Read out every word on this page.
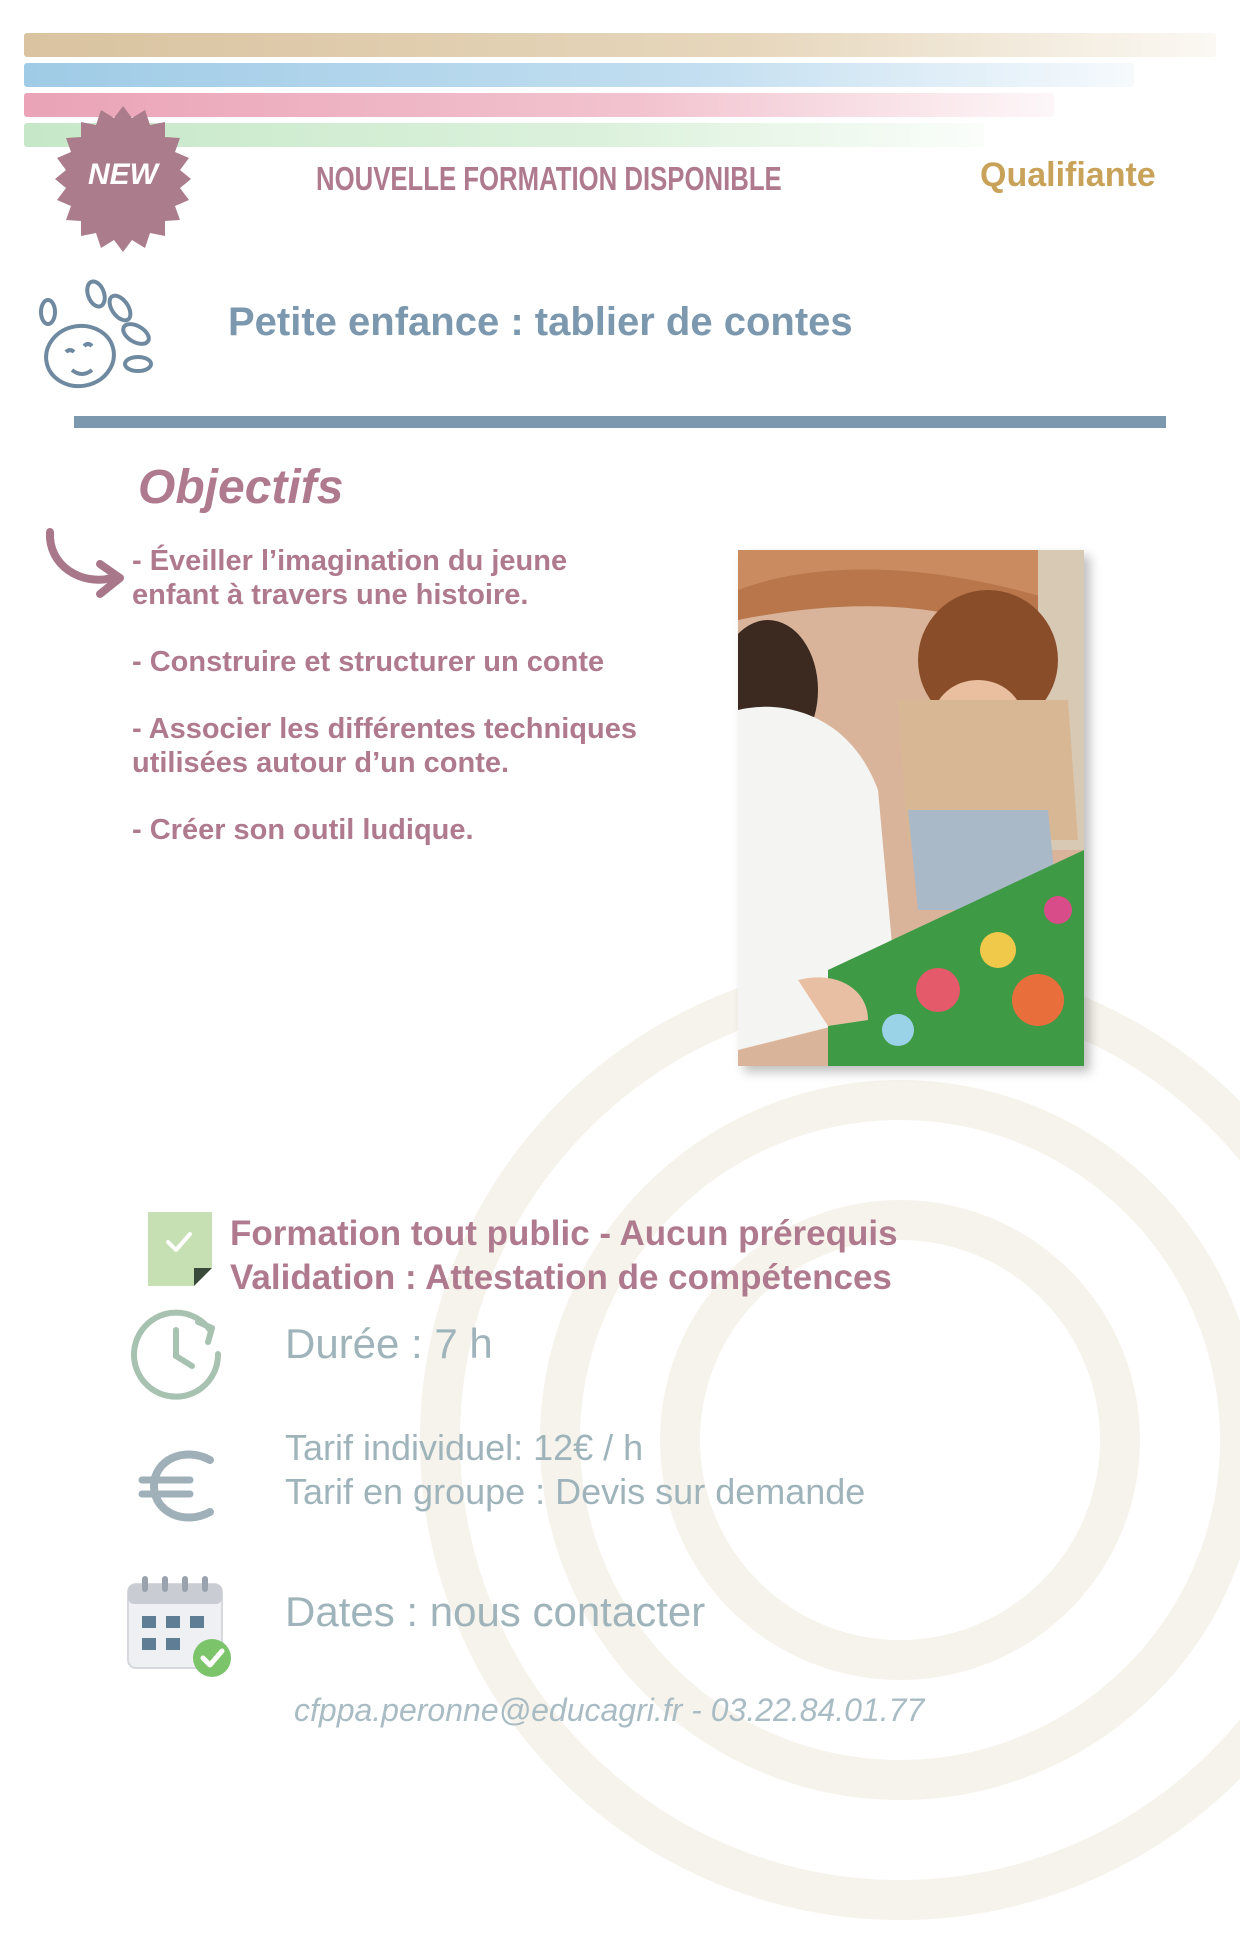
NEW	NOUVELLE FORMATION DISPONIBLE	Qualifiante
Petite enfance : tablier de contes
Objectifs
- Éveiller l’imagination du jeune enfant à travers une histoire.
- Construire et structurer un conte
- Associer les différentes techniques utilisées autour d’un conte.
- Créer son outil ludique.
Formation tout public - Aucun prérequis
Validation : Attestation de compétences
Durée : 7 h
Tarif individuel: 12€ / h
Tarif en groupe : Devis sur demande
Dates : nous contacter
cfppa.peronne@educagri.fr - 03.22.84.01.77
